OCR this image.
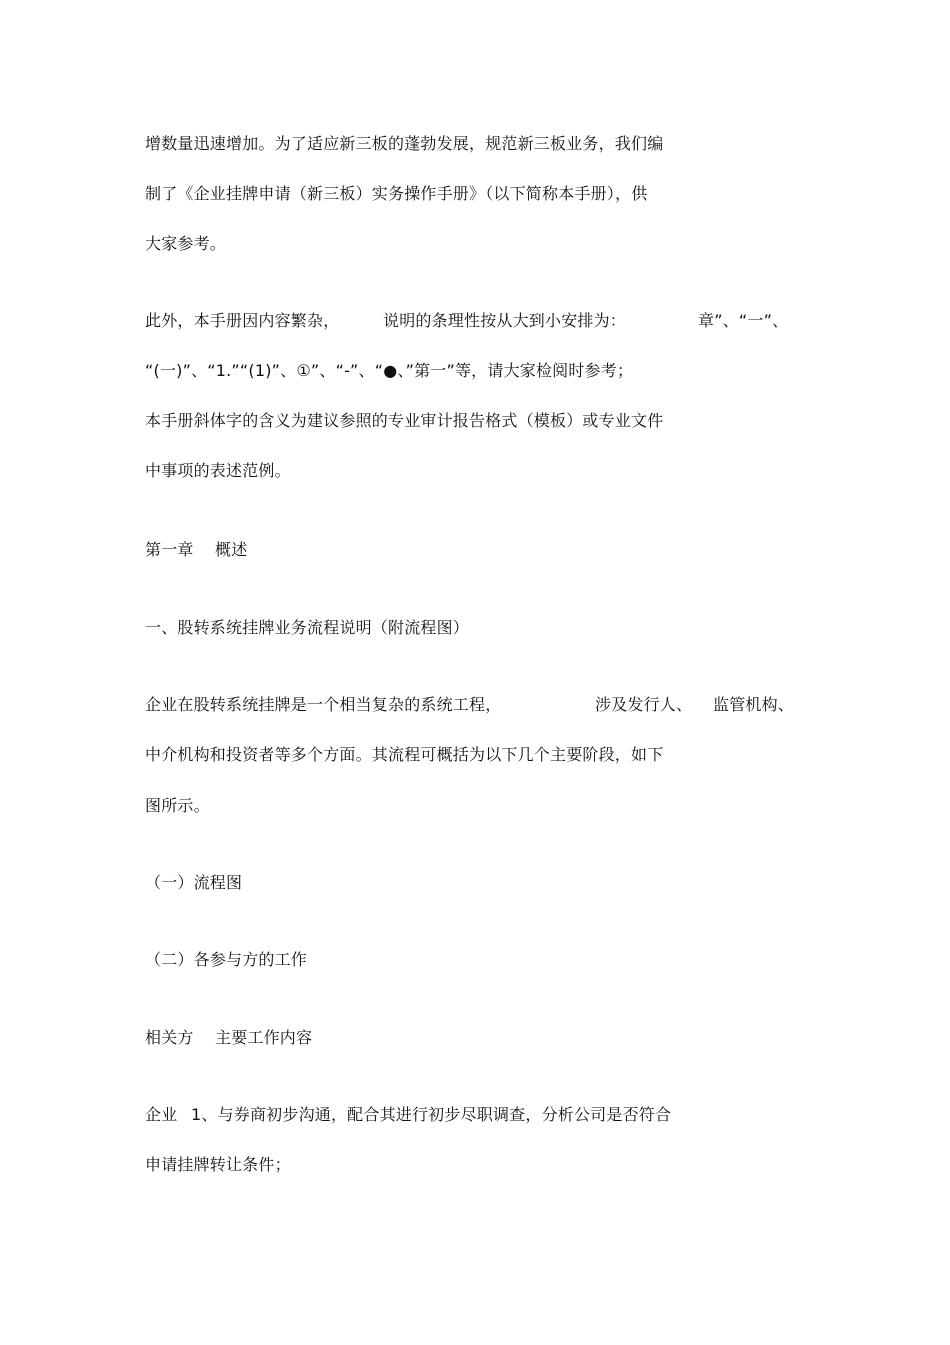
增数量迅速增加。为了适应新三板的蓬勃发展，规范新三板业务，我们编
制了《企业挂牌申请（新三板）实务操作手册》（以下简称本手册），供
大家参考。
此外，本手册因内容繁杂，	说明的条理性按从大到小安排为：	章”、“一”、
“(一)”、“1.”“(1)”、①”、“-”、“●、”第一”等，请大家检阅时参考；
本手册斜体字的含义为建议参照的专业审计报告格式（模板）或专业文件
中事项的表述范例。
第一章 概述
一、股转系统挂牌业务流程说明（附流程图）
企业在股转系统挂牌是一个相当复杂的系统工程，	涉及发行人、 监管机构、
中介机构和投资者等多个方面。其流程可概括为以下几个主要阶段，如下
图所示。
（一）流程图
（二）各参与方的工作
相关方 主要工作内容
企业 1、与券商初步沟通，配合其进行初步尽职调查，分析公司是否符合
申请挂牌转让条件；
